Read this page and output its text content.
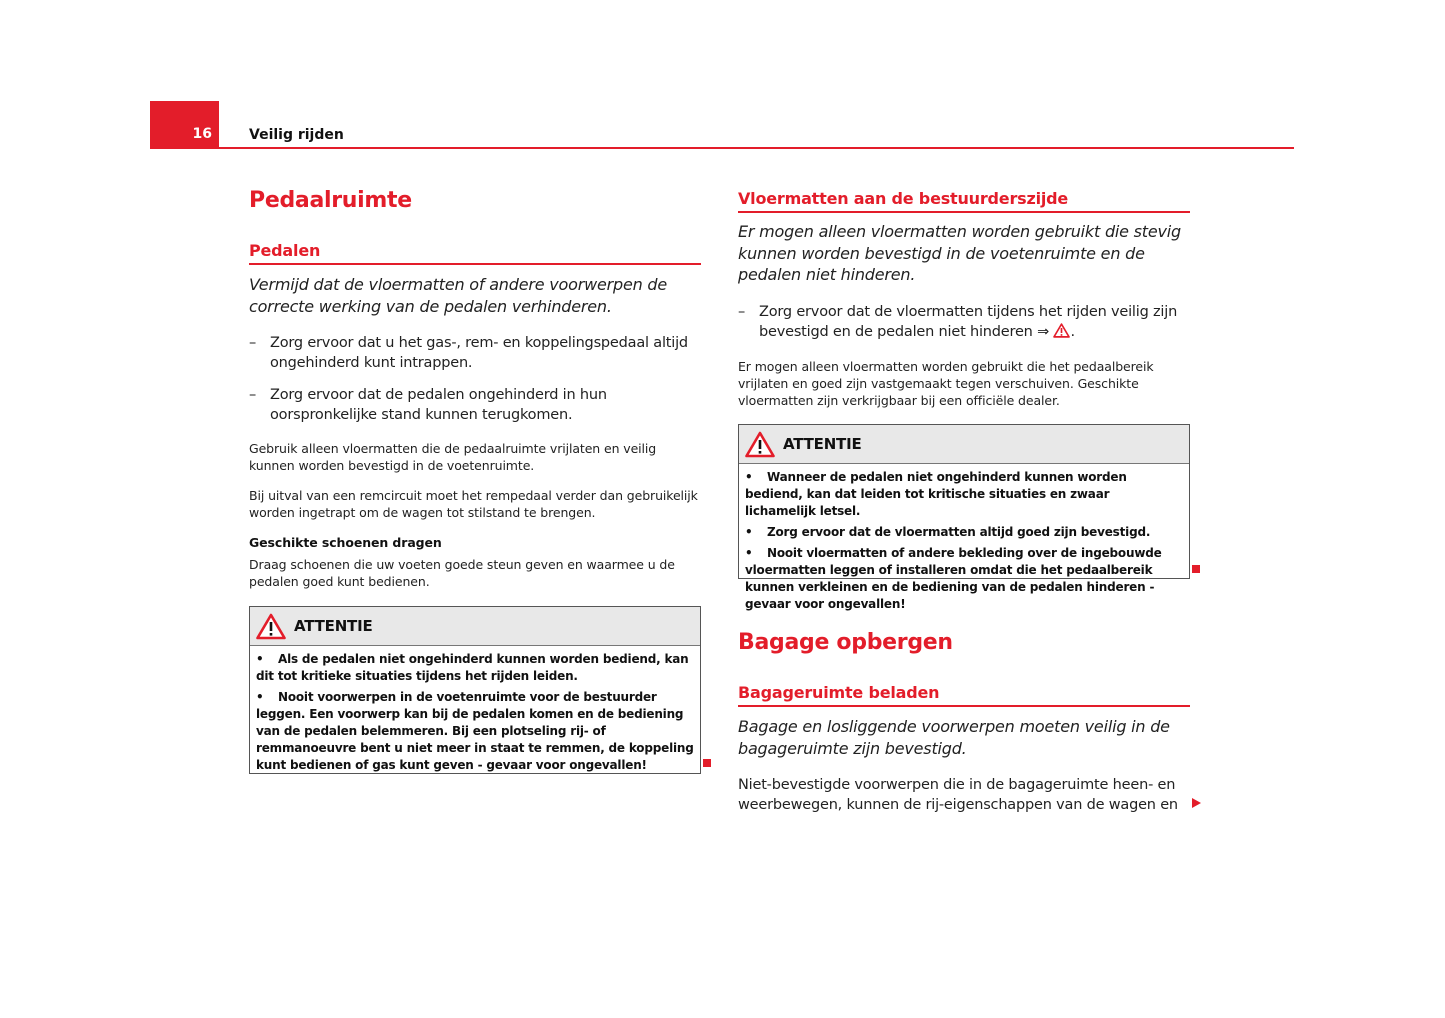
16	Veilig rijden
Pedaalruimte
Pedalen
Vermijd dat de vloermatten of andere voorwerpen de correcte werking van de pedalen verhinderen.
– Zorg ervoor dat u het gas-, rem- en koppelingspedaal altijd ongehinderd kunt intrappen.
– Zorg ervoor dat de pedalen ongehinderd in hun oorspronkelijke stand kunnen terugkomen.
Gebruik alleen vloermatten die de pedaalruimte vrijlaten en veilig kunnen worden bevestigd in de voetenruimte.
Bij uitval van een remcircuit moet het rempedaal verder dan gebruikelijk worden ingetrapt om de wagen tot stilstand te brengen.
Geschikte schoenen dragen
Draag schoenen die uw voeten goede steun geven en waarmee u de pedalen goed kunt bedienen.
ATTENTIE
• Als de pedalen niet ongehinderd kunnen worden bediend, kan dit tot kritieke situaties tijdens het rijden leiden.
• Nooit voorwerpen in de voetenruimte voor de bestuurder leggen. Een voorwerp kan bij de pedalen komen en de bediening van de pedalen belemmeren. Bij een plotseling rij- of remmanoeuvre bent u niet meer in staat te remmen, de koppeling kunt bedienen of gas kunt geven - gevaar voor ongevallen!
Vloermatten aan de bestuurderszijde
Er mogen alleen vloermatten worden gebruikt die stevig kunnen worden bevestigd in de voetenruimte en de pedalen niet hinderen.
– Zorg ervoor dat de vloermatten tijdens het rijden veilig zijn bevestigd en de pedalen niet hinderen ⇒ .
Er mogen alleen vloermatten worden gebruikt die het pedaalbereik vrijlaten en goed zijn vastgemaakt tegen verschuiven. Geschikte vloermatten zijn verkrijgbaar bij een officiële dealer.
ATTENTIE
• Wanneer de pedalen niet ongehinderd kunnen worden bediend, kan dat leiden tot kritische situaties en zwaar lichamelijk letsel.
• Zorg ervoor dat de vloermatten altijd goed zijn bevestigd.
• Nooit vloermatten of andere bekleding over de ingebouwde vloermatten leggen of installeren omdat die het pedaalbereik kunnen verkleinen en de bediening van de pedalen hinderen - gevaar voor ongevallen!
Bagage opbergen
Bagageruimte beladen
Bagage en losliggende voorwerpen moeten veilig in de bagageruimte zijn bevestigd.
Niet-bevestigde voorwerpen die in de bagageruimte heen- en weerbewegen, kunnen de rij-eigenschappen van de wagen en
